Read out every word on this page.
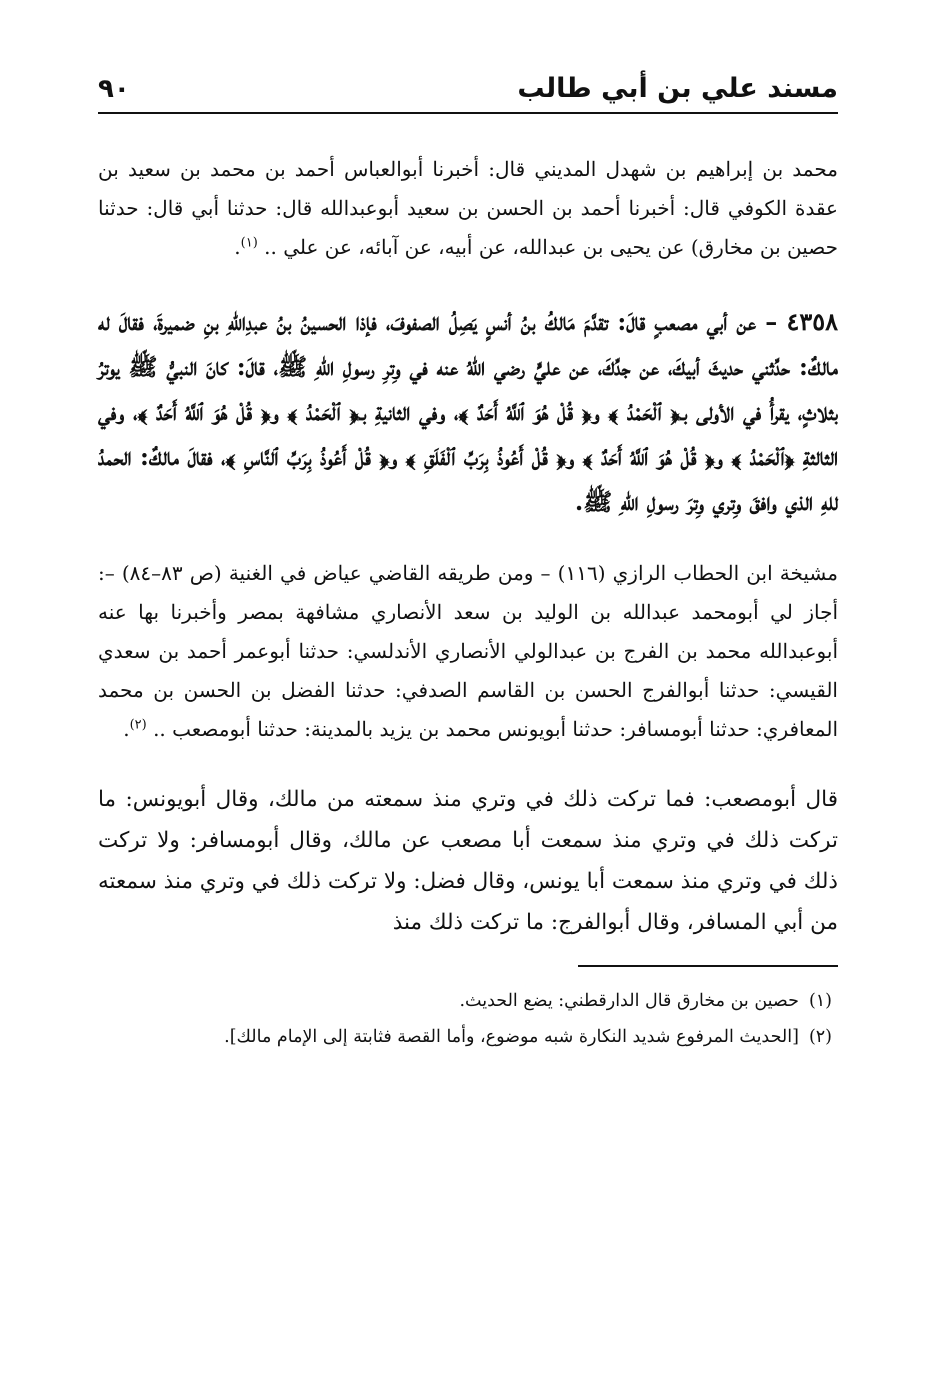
مسند علي بن أبي طالب
٩٠

محمد بن إبراهيم بن شهدل المديني قال: أخبرنا أبوالعباس أحمد بن محمد بن سعيد بن عقدة الكوفي قال: أخبرنا أحمد بن الحسن بن سعيد أبوعبدالله قال: حدثنا أبي قال: حدثنا حصين بن مخارق) عن يحيى بن عبدالله، عن أبيه، عن آبائه، عن علي .. $^{(١)}$.

٤٣٥٨ – عن أبي مصعبٍ قالَ: تقدَّمَ مَالكُ بنُ أنسٍ يَصِلُ الصفوفَ، فإذا الحسينُ بنُ عبدِاللهِ بنِ ضميرةَ، فقالَ له مالكٌ: حدِّثني حديثَ أبيكَ، عن جدِّكَ، عن عليٍّ رضي اللهُ عنه في وِترِ رسولِ اللهِ ﷺ، قالَ: كانَ النبيُّ ﷺ يوترُ بثلاثٍ، يقرأُ في الأولى بـ﴿ ٱلْحَمْدُ ﴾ و﴿ قُلْ هُوَ ٱللَّهُ أَحَدٌ ﴾، وفي الثانيةِ بـ﴿ ٱلْحَمْدُ ﴾ و﴿ قُلْ هُوَ ٱللَّهُ أَحَدٌ ﴾، وفي الثالثةِ ﴿ٱلْحَمْدُ ﴾ و﴿ قُلْ هُوَ ٱللَّهُ أَحَدٌ ﴾ و﴿ قُلْ أَعُوذُ بِرَبِّ ٱلْفَلَقِ ﴾ و﴿ قُلْ أَعُوذُ بِرَبِّ ٱلنَّاسِ ﴾، فقالَ مالكٌ: الحمدُ للهِ الذي وافقَ وِتري وِترَ رسولِ اللهِ ﷺ.

مشيخة ابن الحطاب الرازي (١١٦) – ومن طريقه القاضي عياض في الغنية (ص ٨٣–٨٤) –: أجاز لي أبومحمد عبدالله بن الوليد بن سعد الأنصاري مشافهة بمصر وأخبرنا بها عنه أبوعبدالله محمد بن الفرج بن عبدالولي الأنصاري الأندلسي: حدثنا أبوعمر أحمد بن سعدي القيسي: حدثنا أبوالفرج الحسن بن القاسم الصدفي: حدثنا الفضل بن الحسن بن محمد المعافري: حدثنا أبومسافر: حدثنا أبويونس محمد بن يزيد بالمدينة: حدثنا أبومصعب .. $^{(٢)}$.

قال أبومصعب: فما تركت ذلك في وتري منذ سمعته من مالك، وقال أبويونس: ما تركت ذلك في وتري منذ سمعت أبا مصعب عن مالك، وقال أبومسافر: ولا تركت ذلك في وتري منذ سمعت أبا يونس، وقال فضل: ولا تركت ذلك في وتري منذ سمعته من أبي المسافر، وقال أبوالفرج: ما تركت ذلك منذ

(١)حصين بن مخارق قال الدارقطني: يضع الحديث.
(٢)[الحديث المرفوع شديد النكارة شبه موضوع، وأما القصة فثابتة إلى الإمام مالك].
